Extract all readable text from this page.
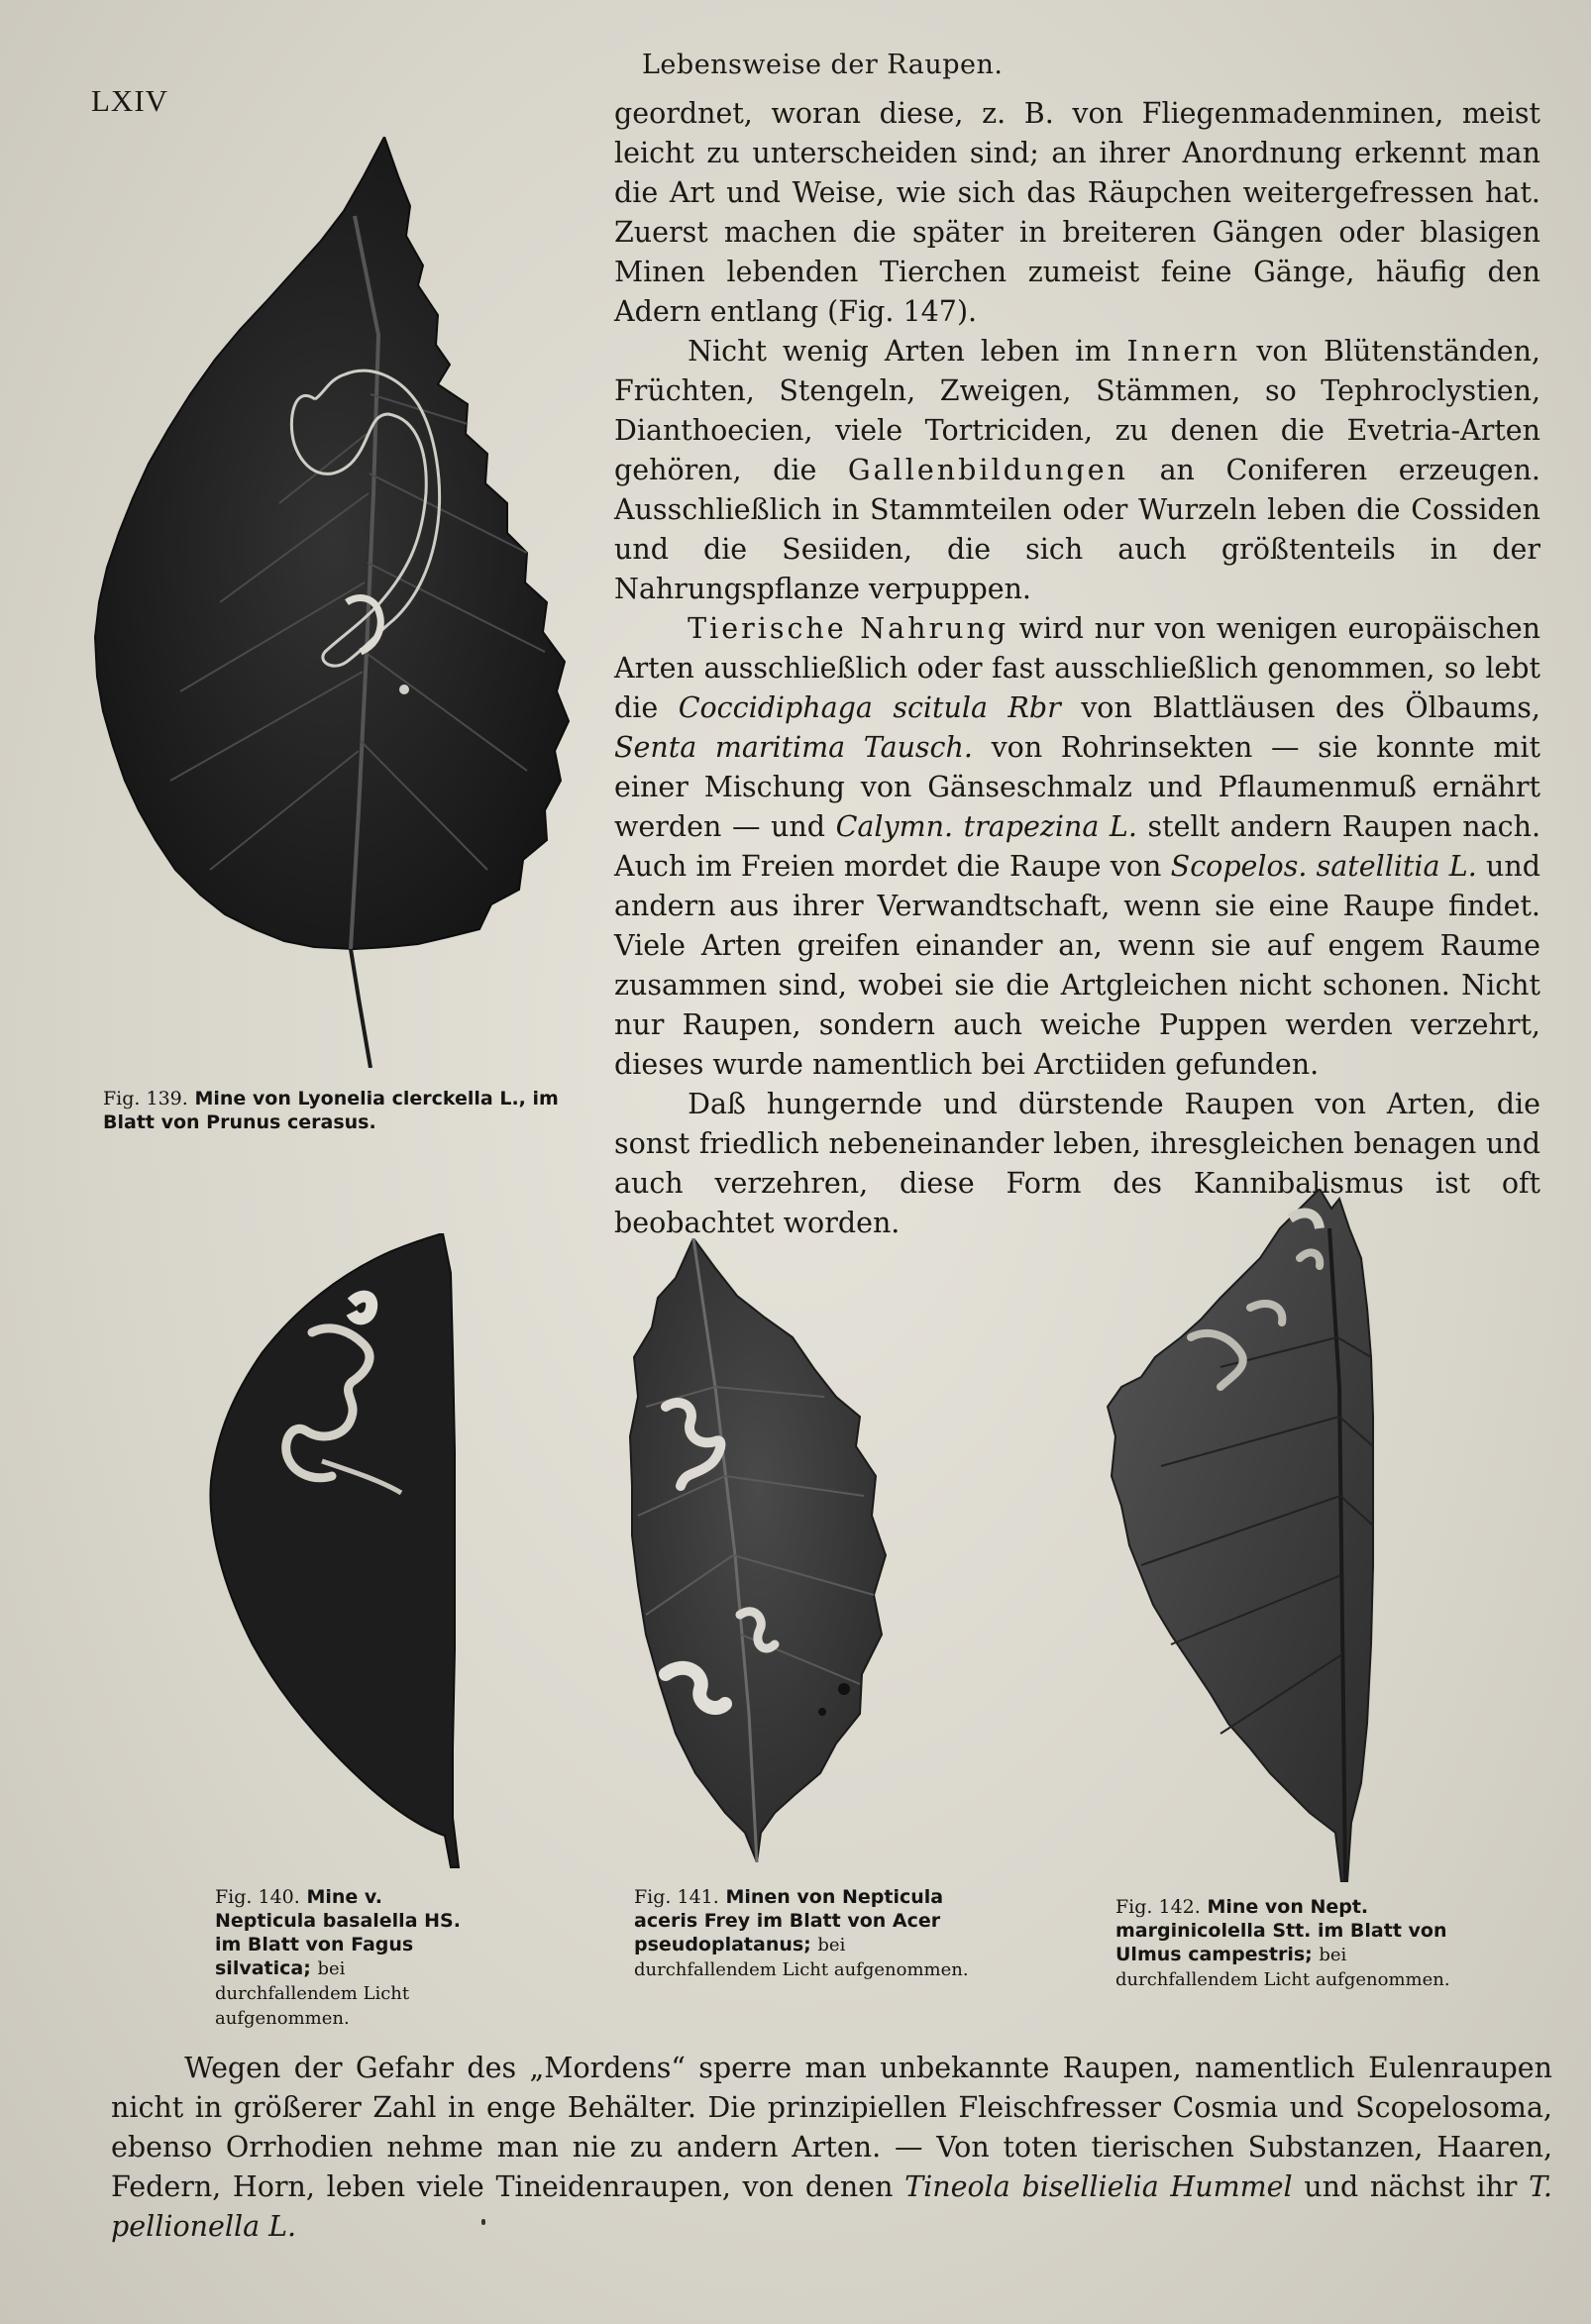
LXIV
Lebensweise der Raupen.
Fig. 139. Mine von Lyonelia clerckella L., im Blatt von Prunus cerasus.

geordnet, woran diese, z. B. von Fliegenmadenminen, meist leicht zu unterscheiden sind; an ihrer Anordnung erkennt man die Art und Weise, wie sich das Räupchen weitergefressen hat. Zuerst machen die später in breiteren Gängen oder blasigen Minen lebenden Tierchen zumeist feine Gänge, häufig den Adern entlang (Fig. 147).

Nicht wenig Arten leben im Innern von Blütenständen, Früchten, Stengeln, Zweigen, Stämmen, so Tephroclystien, Dianthoecien, viele Tortriciden, zu denen die Evetria-Arten gehören, die Gallenbildungen an Coniferen erzeugen. Ausschließlich in Stammteilen oder Wurzeln leben die Cossiden und die Sesiiden, die sich auch größtenteils in der Nahrungspflanze verpuppen.

Tierische Nahrung wird nur von wenigen europäischen Arten ausschließlich oder fast ausschließlich genommen, so lebt die Coccidiphaga scitula Rbr von Blattläusen des Ölbaums, Senta maritima Tausch. von Rohrinsekten — sie konnte mit einer Mischung von Gänseschmalz und Pflaumenmuß ernährt werden — und Calymn. trapezina L. stellt andern Raupen nach. Auch im Freien mordet die Raupe von Scopelos. satellitia L. und andern aus ihrer Verwandtschaft, wenn sie eine Raupe findet. Viele Arten greifen einander an, wenn sie auf engem Raume zusammen sind, wobei sie die Artgleichen nicht schonen. Nicht nur Raupen, sondern auch weiche Puppen werden verzehrt, dieses wurde namentlich bei Arctiiden gefunden.

Daß hungernde und dürstende Raupen von Arten, die sonst friedlich nebeneinander leben, ihresgleichen benagen und auch verzehren, diese Form des Kannibalismus ist oft beobachtet worden.

Fig. 140. Mine v. Nepticula basalella HS. im Blatt von Fagus silvatica; bei durchfallendem Licht aufgenommen.
Fig. 141. Minen von Nepticula aceris Frey im Blatt von Acer pseudoplatanus; bei durchfallendem Licht aufgenommen.
Fig. 142. Mine von Nept. marginicolella Stt. im Blatt von Ulmus campestris; bei durchfallendem Licht aufgenommen.

Wegen der Gefahr des „Mordens“ sperre man unbekannte Raupen, namentlich Eulenraupen nicht in größerer Zahl in enge Behälter. Die prinzipiellen Fleischfresser Cosmia und Scopelosoma, ebenso Orrhodien nehme man nie zu andern Arten. — Von toten tierischen Substanzen, Haaren, Federn, Horn, leben viele Tineidenraupen, von denen Tineola bisellielia Hummel und nächst ihr T. pellionella L.
